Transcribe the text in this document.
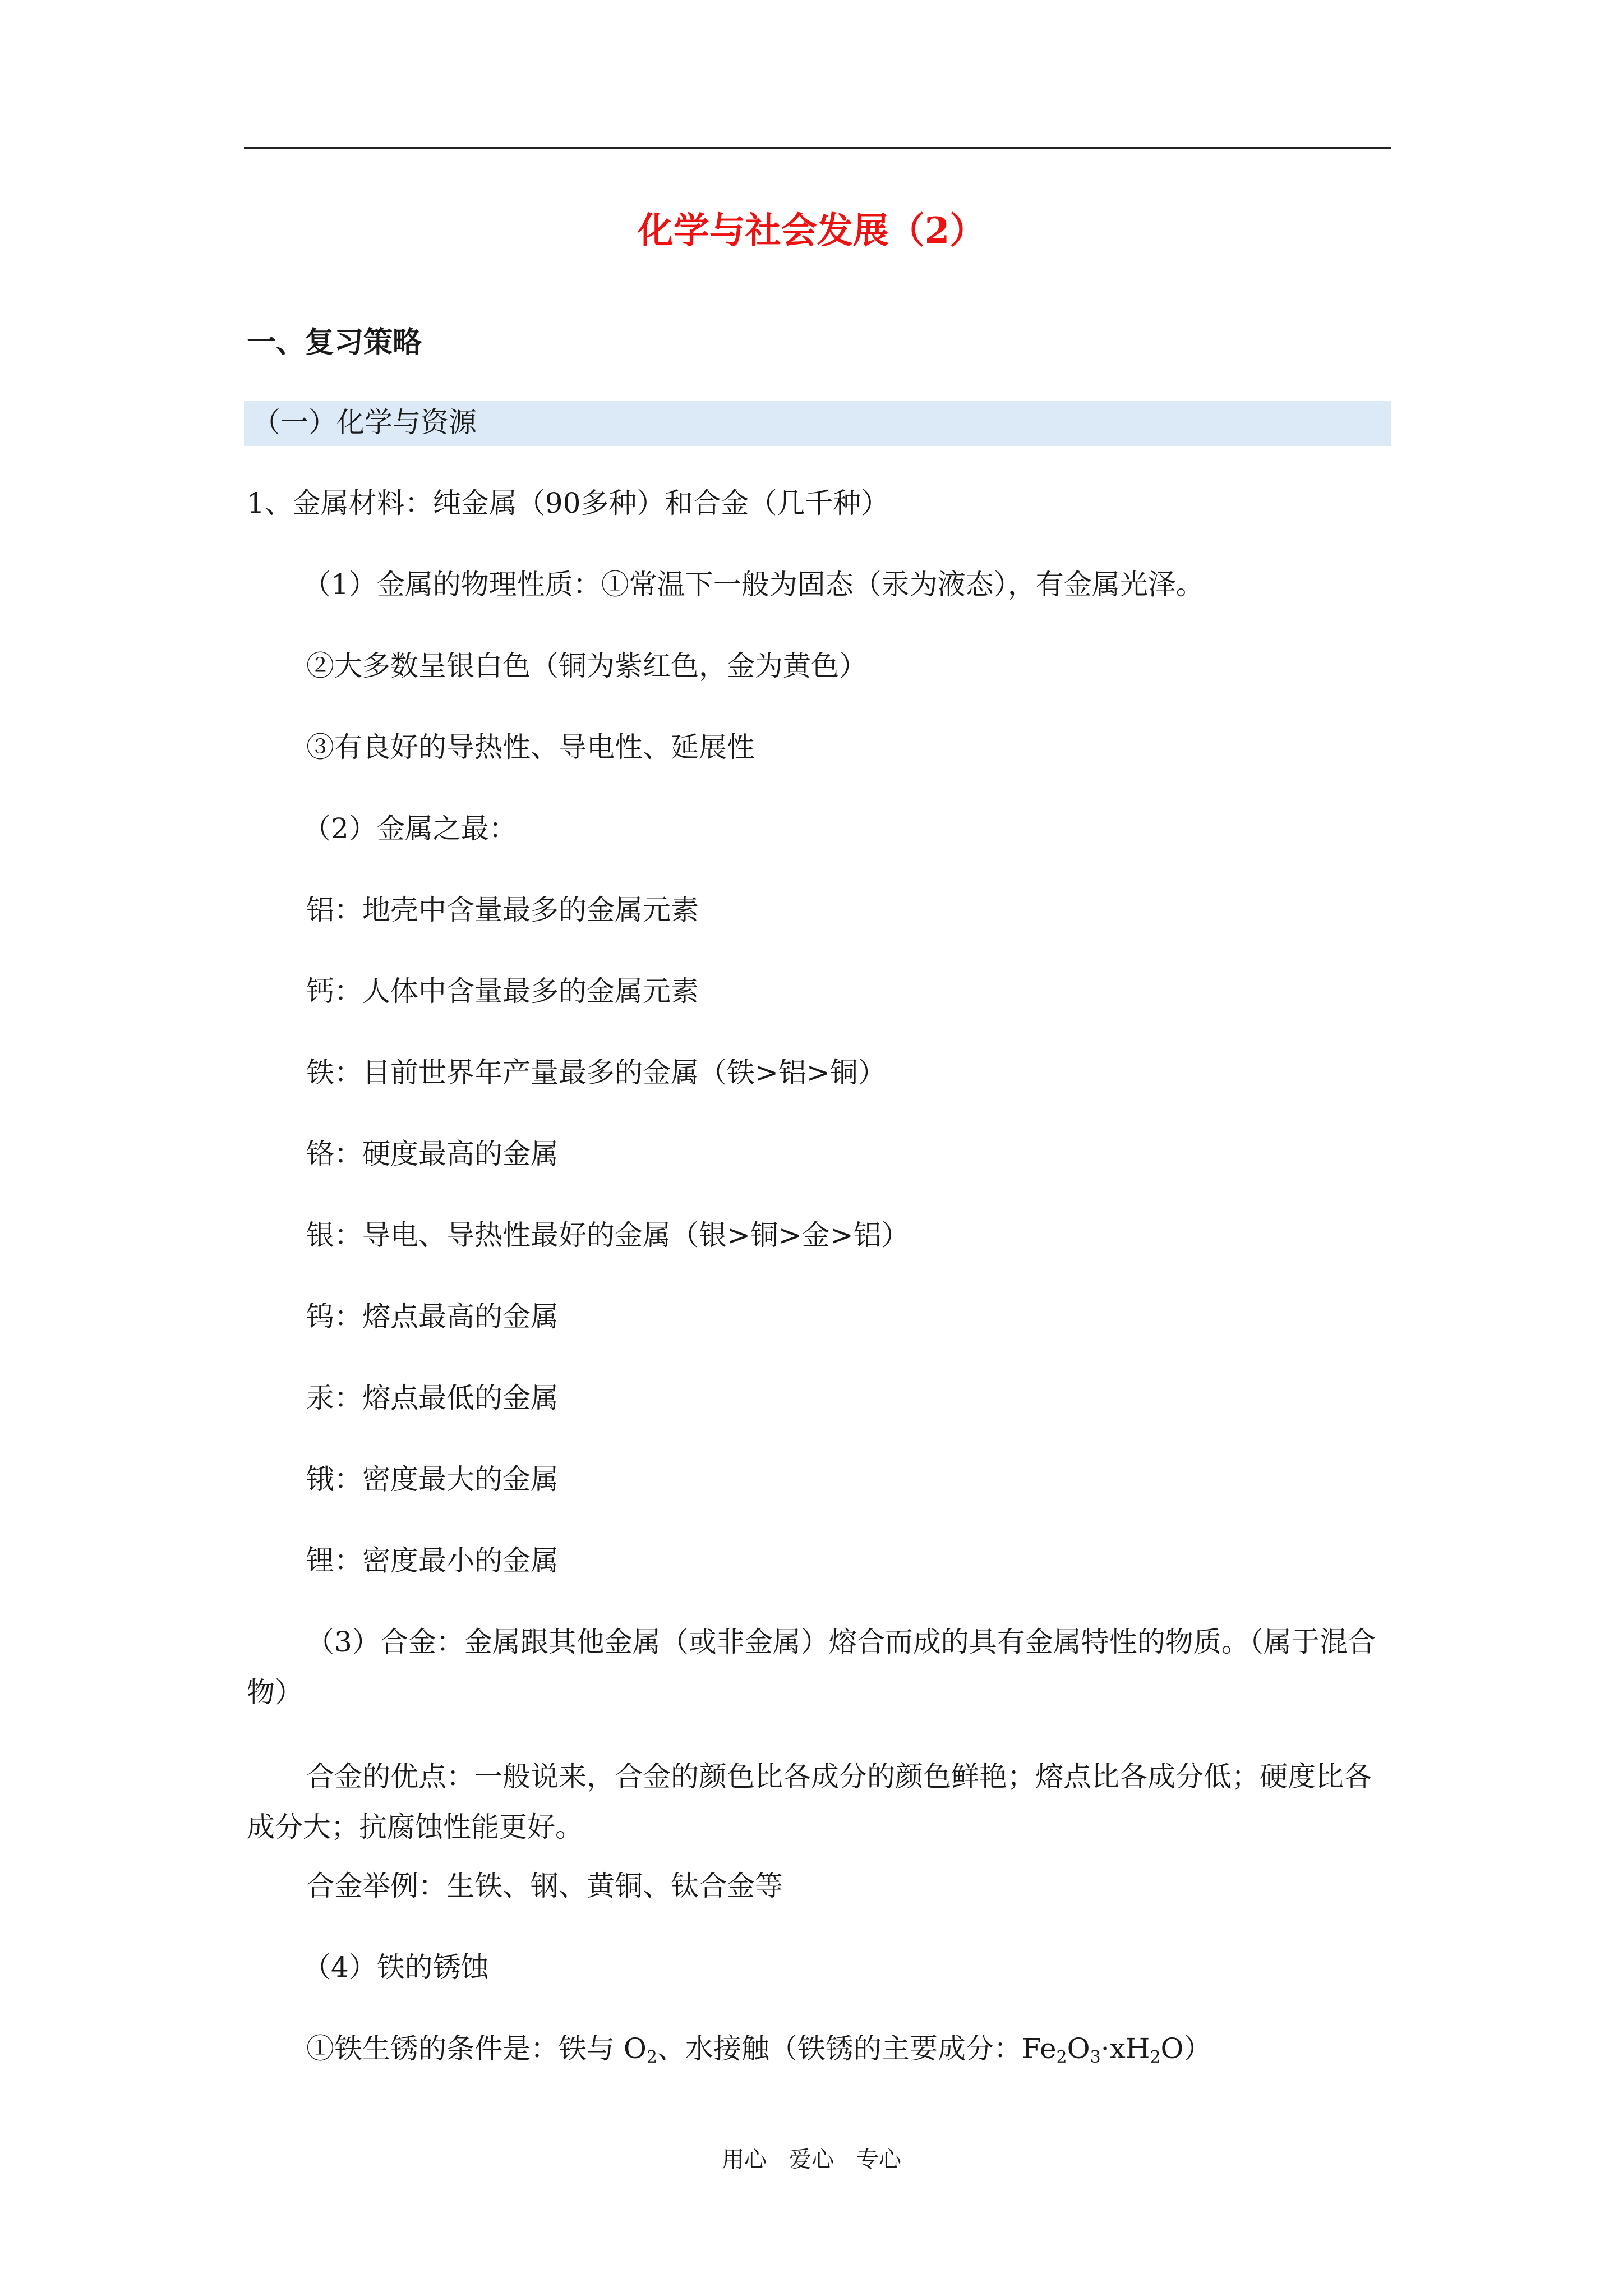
化学与社会发展（2）
一、复习策略
（一）化学与资源
1、金属材料：纯金属（90多种）和合金（几千种）
（1）金属的物理性质：①常温下一般为固态（汞为液态），有金属光泽。
②大多数呈银白色（铜为紫红色，金为黄色）
③有良好的导热性、导电性、延展性
（2）金属之最：
铝：地壳中含量最多的金属元素
钙：人体中含量最多的金属元素
铁：目前世界年产量最多的金属（铁>铝>铜）
铬：硬度最高的金属
银：导电、导热性最好的金属（银>铜>金>铝）
钨：熔点最高的金属
汞：熔点最低的金属
锇：密度最大的金属
锂：密度最小的金属
（3）合金：金属跟其他金属（或非金属）熔合而成的具有金属特性的物质。（属于混合物）
合金的优点：一般说来，合金的颜色比各成分的颜色鲜艳；熔点比各成分低；硬度比各成分大；抗腐蚀性能更好。
合金举例：生铁、钢、黄铜、钛合金等
（4）铁的锈蚀
①铁生锈的条件是：铁与 $O_2$、水接触（铁锈的主要成分：$Fe_2O_3\cdot xH_2O$）
用心　爱心　专心
